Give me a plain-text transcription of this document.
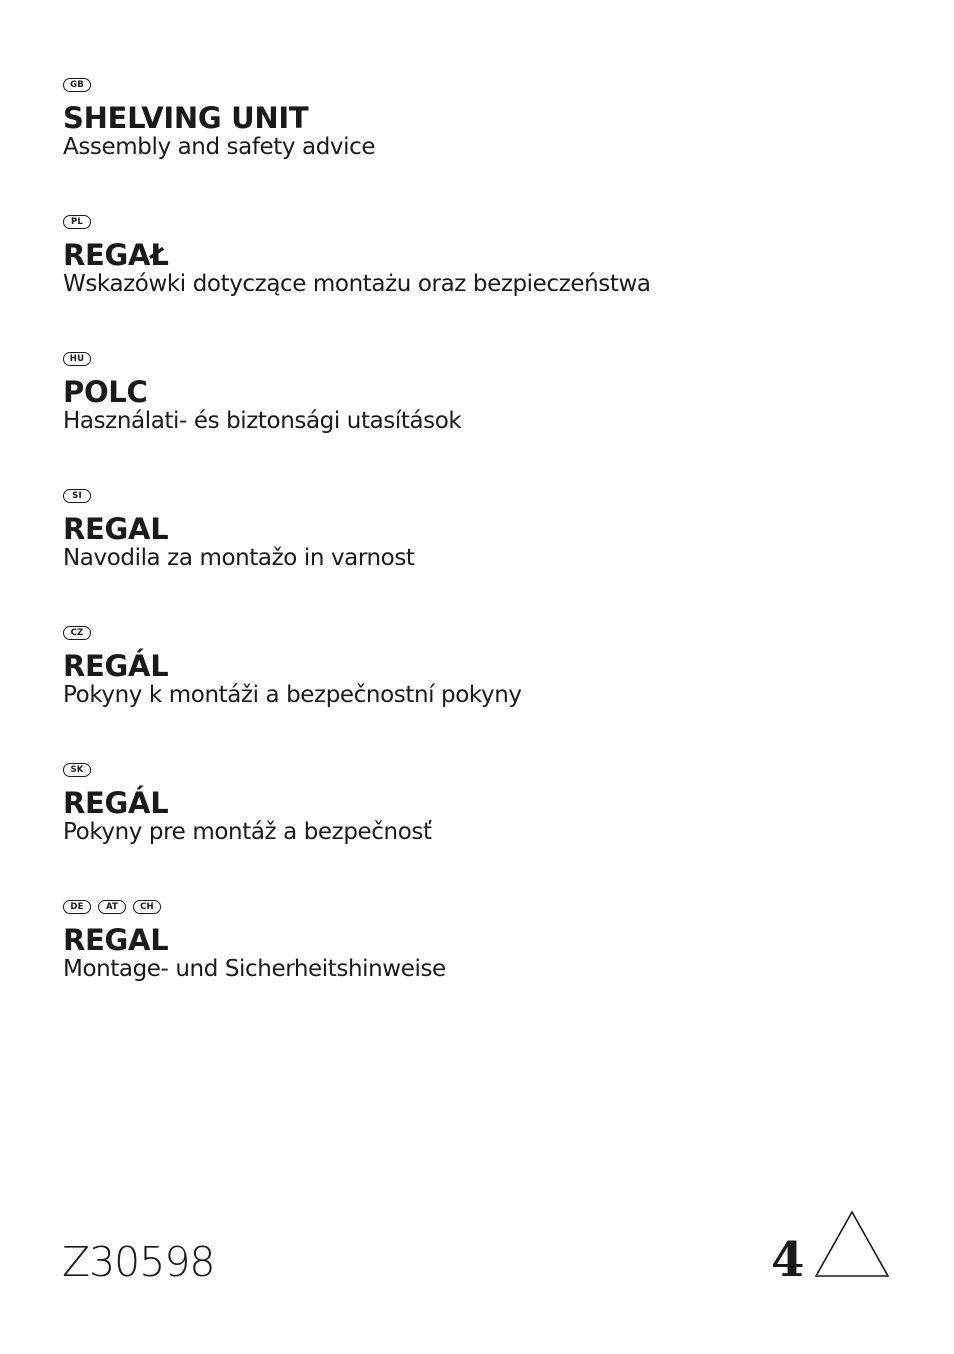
GB
SHELVING UNIT
Assembly and safety advice
PL
REGAŁ
Wskazówki dotyczące montażu oraz bezpieczeństwa
HU
POLC
Használati- és biztonsági utasítások
SI
REGAL
Navodila za montažo in varnost
CZ
REGÁL
Pokyny k montáži a bezpečnostní pokyny
SK
REGÁL
Pokyny pre montáž a bezpečnosť
DE	AT	CH
REGAL
Montage- und Sicherheitshinweise
Z30598	4
